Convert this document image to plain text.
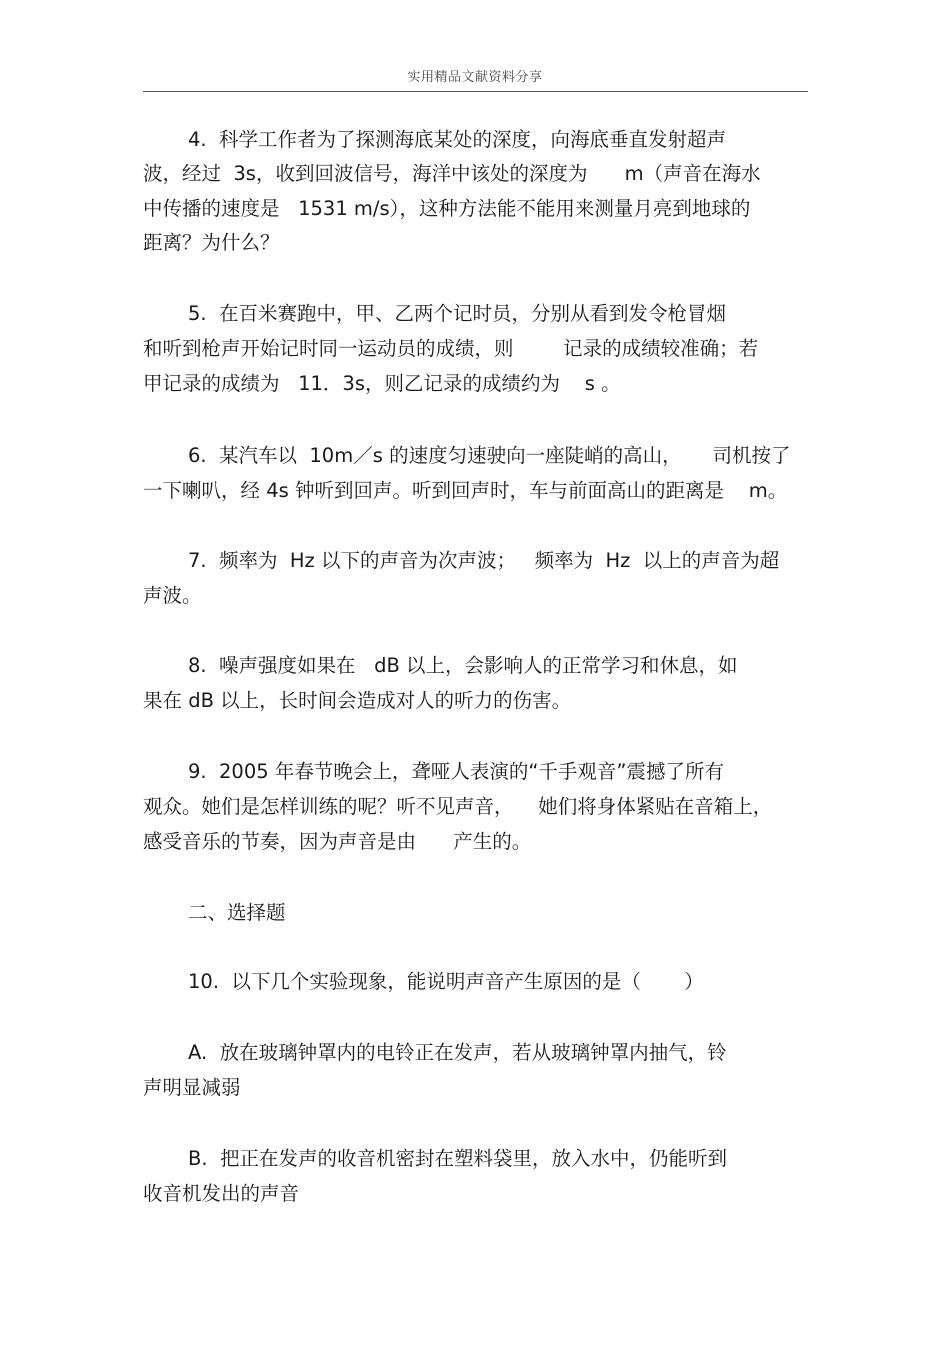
实用精品文献资料分享
4.  科学工作者为了探测海底某处的深度，向海底垂直发射超声
波，经过  3s，收到回波信号，海洋中该处的深度为      m（声音在海水
中传播的速度是   1531 m/s），这种方法能不能用来测量月亮到地球的
距离？为什么？
5.  在百米赛跑中，甲、乙两个记时员，分别从看到发令枪冒烟
和听到枪声开始记时同一运动员的成绩，则        记录的成绩较准确；若
甲记录的成绩为   11．3s，则乙记录的成绩约为    s 。
6.  某汽车以  10m／s 的速度匀速驶向一座陡峭的高山，     司机按了
一下喇叭，经 4s 钟听到回声。听到回声时，车与前面高山的距离是    m。
7.  频率为  Hz 以下的声音为次声波；   频率为  Hz  以上的声音为超
声波。
8.  噪声强度如果在   dB 以上，会影响人的正常学习和休息，如
果在 dB 以上，长时间会造成对人的听力的伤害。
9.  2005 年春节晚会上，聋哑人表演的“千手观音”震撼了所有
观众。她们是怎样训练的呢？听不见声音，    她们将身体紧贴在音箱上，
感受音乐的节奏，因为声音是由      产生的。
二、选择题
10.  以下几个实验现象，能说明声音产生原因的是（       ）
A.  放在玻璃钟罩内的电铃正在发声，若从玻璃钟罩内抽气，铃
声明显减弱
B.  把正在发声的收音机密封在塑料袋里，放入水中，仍能听到
收音机发出的声音
